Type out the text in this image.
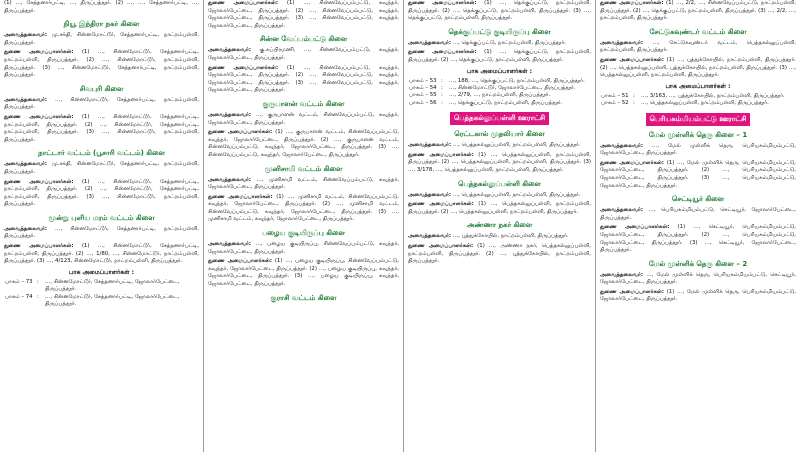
(1) …, சேத்தனார்பட்டி, …, திருப்பத்தூர். (2) …, …, சேத்தனார்பட்டி, …, திருப்பத்தூர்.
நியூ இந்திரா நகர் கிளை
அவைத்தலைவர்: மு.சக்தி, சின்னமோட்டூர், சேத்தனார்பட்டி, நாட்றம்பள்ளி, திருப்பத்தூர்.
துணை அமைப்பாளர்கள்: (1) …, சின்னமோட்டூர், சேத்தனார்பட்டி, நாட்றம்பள்ளி, திருப்பத்தூர். (2) …, சின்னமோட்டூர், நாட்றம்பள்ளி, திருப்பத்தூர். (3) …, சின்னமோட்டூர், சேத்தனார்பட்டி, நாட்றம்பள்ளி, திருப்பத்தூர்.
சிவபுரி கிளை
அவைத்தலைவர்: …, சின்னமோட்டூர், சேத்தனார்பட்டி, நாட்றம்பள்ளி, திருப்பத்தூர்.
துணை அமைப்பாளர்கள்: (1) …, சின்னமோட்டூர், சேத்தனார்பட்டி, நாட்றம்பள்ளி, திருப்பத்தூர். (2) …, சின்னமோட்டூர், சேத்தனார்பட்டி, நாட்றம்பள்ளி, திருப்பத்தூர். (3) …, சின்னமோட்டூர், நாட்றம்பள்ளி, திருப்பத்தூர்.
நாட்டார் வட்டம் (பூசாரி வட்டம்) கிளை
அவைத்தலைவர்: மு.சக்தி, சின்னமோட்டூர், சேத்தனார்பட்டி, நாட்றம்பள்ளி, திருப்பத்தூர்.
துணை அமைப்பாளர்கள்: (1) …, சின்னமோட்டூர், சேத்தனார்பட்டி, நாட்றம்பள்ளி, திருப்பத்தூர். (2) …, சின்னமோட்டூர், சேத்தனார்பட்டி, நாட்றம்பள்ளி, திருப்பத்தூர். (3) …, சின்னமோட்டூர், நாட்றம்பள்ளி, திருப்பத்தூர்.
மூன்று புளிய மரம் வட்டம் கிளை
அவைத்தலைவர்: …, சின்னமோட்டூர், சேத்தனார்பட்டி, நாட்றம்பள்ளி, திருப்பத்தூர்.
துணை அமைப்பாளர்கள்: (1) …, சின்னமோட்டூர், சேத்தனார்பட்டி, நாட்றம்பள்ளி, திருப்பத்தூர். (2) …, 1/80, …, சின்னமோட்டூர், நாட்றம்பள்ளி, திருப்பத்தூர். (3) …, 4/123, சின்னமோட்டூர், நாட்றம்பள்ளி, திருப்பத்தூர்.
பாக அமைப்பாளர்கள் :
பாகம் – 73	:	…, சின்னமோட்டூர், சேத்தனார்பட்டி, ஜோலார்பேட்டை, திருப்பத்தூர்.
பாகம் – 74	:	…, சின்னமோட்டூர், சேத்தனார்பட்டி, ஜோலார்பேட்டை, திருப்பத்தூர்.
துணை அமைப்பாளர்கள்: (1) …, சின்னவேப்பம்பட்டு, கவுந்தர், ஜோலார்பேட்டை, திருப்பத்தூர். (2) …, சின்னவேப்பம்பட்டு, கவுந்தர், ஜோலார்பேட்டை, திருப்பத்தூர். (3) …, சின்னவேப்பம்பட்டு, கவுந்தர், ஜோலார்பேட்டை, திருப்பத்தூர்.
சின்ன வேப்பம்பட்டு கிளை
அவைத்தலைவர்: கு.சுப்பிரமணி, …, சின்னவேப்பம்பட்டு, கவுந்தர், ஜோலார்பேட்டை, திருப்பத்தூர்.
துணை அமைப்பாளர்கள்: (1) …, சின்னவேப்பம்பட்டு, கவுந்தர், ஜோலார்பேட்டை, திருப்பத்தூர். (2) …, சின்னவேப்பம்பட்டு, கவுந்தர், ஜோலார்பேட்டை, திருப்பத்தூர். (3) …, சின்னவேப்பம்பட்டு, கவுந்தர், ஜோலார்பேட்டை, திருப்பத்தூர்.
குருபாளன் வட்டம் கிளை
அவைத்தலைவர்: …, குருபாளன் வட்டம், சின்னவேப்பம்பட்டு, கவுந்தர், ஜோலார்பேட்டை, திருப்பத்தூர்.
துணை அமைப்பாளர்கள்: (1) …, குருபாளன் வட்டம், சின்னவேப்பம்பட்டு, கவுந்தர், ஜோலார்பேட்டை, திருப்பத்தூர். (2) …, குருபாளன் வட்டம், சின்னவேப்பம்பட்டு, கவுந்தர், ஜோலார்பேட்டை, திருப்பத்தூர். (3) …, சின்னவேப்பம்பட்டு, கவுந்தர், ஜோலார்பேட்டை, திருப்பத்தூர்.
முனிசாமி வட்டம் கிளை
அவைத்தலைவர்: …, முனிசாமி வட்டம், சின்னவேப்பம்பட்டு, கவுந்தர், ஜோலார்பேட்டை, திருப்பத்தூர்.
துணை அமைப்பாளர்கள்: (1) …, முனிசாமி வட்டம், சின்னவேப்பம்பட்டு, கவுந்தர், ஜோலார்பேட்டை, திருப்பத்தூர். (2) …, முனிசாமி வட்டம், சின்னவேப்பம்பட்டு, கவுந்தர், ஜோலார்பேட்டை, திருப்பத்தூர். (3) …, முனிசாமி வட்டம், கவுந்தர், ஜோலார்பேட்டை, திருப்பத்தூர்.
பழைய குடியிருப்பு கிளை
அவைத்தலைவர்: …, பழைய குடியிருப்பு, சின்னவேப்பம்பட்டு, கவுந்தர், ஜோலார்பேட்டை, திருப்பத்தூர்.
துணை அமைப்பாளர்கள்: (1) …, பழைய குடியிருப்பு, சின்னவேப்பம்பட்டு, கவுந்தர், ஜோலார்பேட்டை, திருப்பத்தூர். (2) …, பழைய குடியிருப்பு, கவுந்தர், ஜோலார்பேட்டை, திருப்பத்தூர். (3) …, பழைய குடியிருப்பு, கவுந்தர், ஜோலார்பேட்டை, திருப்பத்தூர்.
குராசி வட்டம் கிளை
துணை அமைப்பாளர்கள்: (1) …, தெக்குப்பட்டு, நாட்றம்பள்ளி, திருப்பத்தூர். (2) …, தெக்குப்பட்டு, நாட்றம்பள்ளி, திருப்பத்தூர். (3) …, தெக்குப்பட்டு, நாட்றம்பள்ளி, திருப்பத்தூர்.
தெக்குப்பட்டு குடியிருப்பு கிளை
அவைத்தலைவர்: …, தெக்குப்பட்டு, நாட்றம்பள்ளி, திருப்பத்தூர்.
துணை அமைப்பாளர்கள்: (1) …, தெக்குப்பட்டு, நாட்றம்பள்ளி, திருப்பத்தூர். (2) …, தெக்குப்பட்டு, நாட்றம்பள்ளி, திருப்பத்தூர்.
பாக அமைப்பாளர்கள் :
பாகம் – 53	:	…, 188, …, தெக்குப்பட்டு, நாட்றம்பள்ளி, திருப்பத்தூர்.
பாகம் – 54	:	…, சின்னமோட்டூர், ஜோலார்பேட்டை, திருப்பத்தூர்.
பாகம் – 55	:	…, 2/79, …, நாட்றம்பள்ளி, திருப்பத்தூர்.
பாகம் – 56	:	…, தெக்குப்பட்டு, நாட்றம்பள்ளி, திருப்பத்தூர்.
பெத்தகல்லுப்பள்ளி ஊராட்சி
ரெட்டகால் முதலியார் கிளை
அவைத்தலைவர்: …, பெத்தகல்லுப்பள்ளி, நாட்றம்பள்ளி, திருப்பத்தூர்.
துணை அமைப்பாளர்கள்: (1) …, பெத்தகல்லுப்பள்ளி, நாட்றம்பள்ளி, திருப்பத்தூர். (2) …, பெத்தகல்லுப்பள்ளி, நாட்றம்பள்ளி, திருப்பத்தூர். (3) …, 3/178, …, பெத்தகல்லுப்பள்ளி, நாட்றம்பள்ளி, திருப்பத்தூர்.
பெத்தகல்லுப்பள்ளி கிளை
அவைத்தலைவர்: …, பெத்தகல்லுப்பள்ளி, நாட்றம்பள்ளி, திருப்பத்தூர்.
துணை அமைப்பாளர்கள்: (1) …, பெத்தகல்லுப்பள்ளி, நாட்றம்பள்ளி, திருப்பத்தூர். (2) …, பெத்தகல்லுப்பள்ளி, நாட்றம்பள்ளி, திருப்பத்தூர்.
அண்ணா நகர் கிளை
அவைத்தலைவர்: …, புத்துக்கோயில், நாட்றம்பள்ளி, திருப்பத்தூர்.
துணை அமைப்பாளர்கள்: (1) …, அண்ணா நகர், பெத்தகல்லுப்பள்ளி, நாட்றம்பள்ளி, திருப்பத்தூர். (2) …, புத்துக்கோயில், நாட்றம்பள்ளி, திருப்பத்தூர்.
துணை அமைப்பாளர்கள்: (1) …, 2/2, …, சின்னவேப்பம்பட்டு, நாட்றம்பள்ளி, திருப்பத்தூர். (2) …, தெக்குப்பட்டு, நாட்றம்பள்ளி, திருப்பத்தூர். (3) …, 2/2, …, நாட்றம்பள்ளி, திருப்பத்தூர்.
சேட்டுகவுண்டர் வட்டம் கிளை
அவைத்தலைவர்: …, சேட்டுகவுண்டர் வட்டம், பெத்தகல்லுப்பள்ளி, நாட்றம்பள்ளி, திருப்பத்தூர்.
துணை அமைப்பாளர்கள்: (1) …, புத்துக்கோயில், நாட்றம்பள்ளி, திருப்பத்தூர். (2) …, பெத்தகல்லுப்பள்ளி, புத்துக்கோயில், நாட்றம்பள்ளி, திருப்பத்தூர். (3) …, பெத்தகல்லுப்பள்ளி, நாட்றம்பள்ளி, திருப்பத்தூர்.
பாக அமைப்பாளர்கள் :
பாகம் – 51	:	…, 3/163, …, புத்துக்கோயில், நாட்றம்பள்ளி, திருப்பத்தூர்.
பாகம் – 52	:	…, பெத்தகல்லுப்பள்ளி, நாட்றம்பள்ளி, திருப்பத்தூர்.
பெரியகம்மியம்பட்டு ஊராட்சி
மேல் முள்ளிக் தெரு கிளை – 1
அவைத்தலைவர்: …, மேல் முள்ளிக் தெரு, பெரியகம்மியம்பட்டு, ஜோலார்பேட்டை, திருப்பத்தூர்.
துணை அமைப்பாளர்கள்: (1) …, மேல் முள்ளிக் தெரு, பெரியகம்மியம்பட்டு, ஜோலார்பேட்டை, திருப்பத்தூர். (2) …, பெரியகம்மியம்பட்டு, ஜோலார்பேட்டை, திருப்பத்தூர். (3) …, பெரியகம்மியம்பட்டு, ஜோலார்பேட்டை, திருப்பத்தூர்.
செட்டியூர் கிளை
அவைத்தலைவர்: …, பெரியகம்மியம்பட்டு, செட்டியூர், ஜோலார்பேட்டை, திருப்பத்தூர்.
துணை அமைப்பாளர்கள்: (1) …, செட்டியூர், பெரியகம்மியம்பட்டு, ஜோலார்பேட்டை, திருப்பத்தூர். (2) …, பெரியகம்மியம்பட்டு, ஜோலார்பேட்டை, திருப்பத்தூர். (3) …, செட்டியூர், ஜோலார்பேட்டை, திருப்பத்தூர்.
மேல் முள்ளிக் தெரு கிளை – 2
அவைத்தலைவர்: …, மேல் முள்ளிக் தெரு, பெரியகம்மியம்பட்டு, செட்டியூர், ஜோலார்பேட்டை, திருப்பத்தூர்.
துணை அமைப்பாளர்கள்: (1) …, மேல் முள்ளிக் தெரு, பெரியகம்மியம்பட்டு, ஜோலார்பேட்டை, திருப்பத்தூர்.
